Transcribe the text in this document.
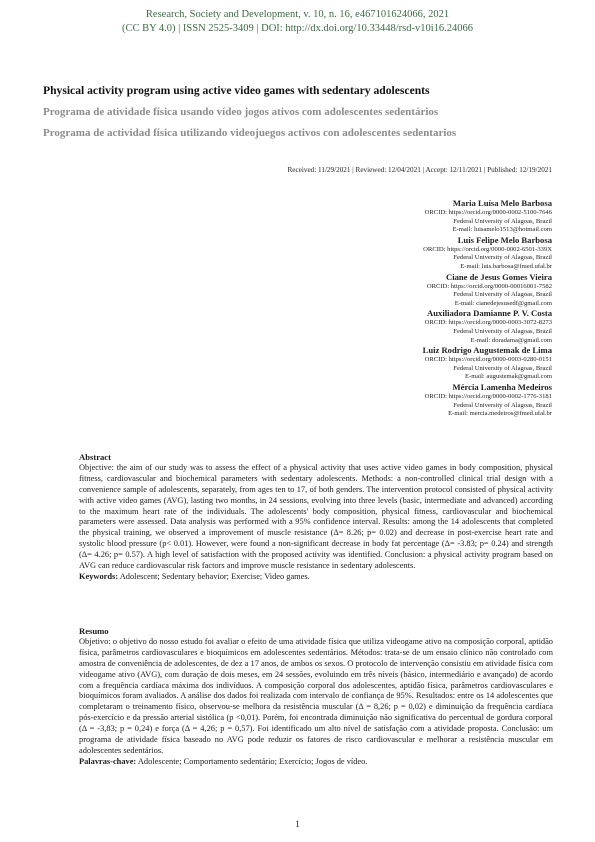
Research, Society and Development, v. 10, n. 16, e467101624066, 2021
(CC BY 4.0) | ISSN 2525-3409 | DOI: http://dx.doi.org/10.33448/rsd-v10i16.24066
Physical activity program using active video games with sedentary adolescents
Programa de atividade física usando vídeo jogos ativos com adolescentes sedentários
Programa de actividad física utilizando videojuegos activos con adolescentes sedentarios
Received: 11/29/2021 | Reviewed: 12/04/2021 | Accept: 12/11/2021 | Published: 12/19/2021
Maria Luísa Melo Barbosa
ORCID: https://orcid.org/0000-0002-5100-7646
Federal University of Alagoas, Brazil
E-mail: luisamelo1513@hotmail.com
Luís Felipe Melo Barbosa
ORCID: https://orcid.org/0000-0002-6501-339X
Federal University of Alagoas, Brazil
E-mail: luis.barbosa@fmed.ufal.br
Ciane de Jesus Gomes Vieira
ORCID: https://orcid.org/0000-00016001-7582
Federal University of Alagoas, Brazil
E-mail: cianedejesusedf@gmail.com
Auxiliadora Damianne P. V. Costa
ORCID: https://orcid.org/0000-0003-3072-8273
Federal University of Alagoas, Brazil
E-mail: doradama@gmail.com
Luiz Rodrigo Augustemak de Lima
ORCID: https://orcid.org/0000-0003-0280-0151
Federal University of Alagoas, Brazil
E-mail: augustemak@gmail.com
Mércia Lamenha Medeiros
ORCID: https://orcid.org/0000-0002-1776-3181
Federal University of Alagoas, Brazil
E-mail: mercia.medeiros@fmed.ufal.br
Abstract

Objective: the aim of our study was to assess the effect of a physical activity that uses active video games in body composition, physical fitness, cardiovascular and biochemical parameters with sedentary adolescents. Methods: a non-controlled clinical trial design with a convenience sample of adolescents, separately, from ages ten to 17, of both genders. The intervention protocol consisted of physical activity with active video games (AVG), lasting two months, in 24 sessions, evolving into three levels (basic, intermediate and advanced) according to the maximum heart rate of the individuals. The adolescents' body composition, physical fitness, cardiovascular and biochemical parameters were assessed. Data analysis was performed with a 95% confidence interval. Results: among the 14 adolescents that completed the physical training, we observed a improvement of muscle resistance (Δ= 8.26; p= 0.02) and decrease in post-exercise heart rate and systolic blood pressure (p< 0.01). However, were found a non-significant decrease in body fat percentage (Δ= -3.83; p= 0.24) and strength (Δ= 4.26; p= 0.57). A high level of satisfaction with the proposed activity was identified. Conclusion: a physical activity program based on AVG can reduce cardiovascular risk factors and improve muscle resistance in sedentary adolescents.

Keywords: Adolescent; Sedentary behavior; Exercise; Video games.

Resumo

Objetivo: o objetivo do nosso estudo foi avaliar o efeito de uma atividade física que utiliza videogame ativo na composição corporal, aptidão física, parâmetros cardiovasculares e bioquímicos em adolescentes sedentários. Métodos: trata-se de um ensaio clínico não controlado com amostra de conveniência de adolescentes, de dez a 17 anos, de ambos os sexos. O protocolo de intervenção consistiu em atividade física com videogame ativo (AVG), com duração de dois meses, em 24 sessões, evoluindo em três níveis (básico, intermediário e avançado) de acordo com a frequência cardíaca máxima dos indivíduos. A composição corporal dos adolescentes, aptidão física, parâmetros cardiovasculares e bioquímicos foram avaliados. A análise dos dados foi realizada com intervalo de confiança de 95%. Resultados: entre os 14 adolescentes que completaram o treinamento físico, observou-se melhora da resistência muscular (Δ = 8,26; p = 0,02) e diminuição da frequência cardíaca pós-exercício e da pressão arterial sistólica (p <0,01). Porém, foi encontrada diminuição não significativa do percentual de gordura corporal (Δ = -3,83; p = 0,24) e força (Δ = 4,26; p = 0,57). Foi identificado um alto nível de satisfação com a atividade proposta. Conclusão: um programa de atividade física baseado no AVG pode reduzir os fatores de risco cardiovascular e melhorar a resistência muscular em adolescentes sedentários.

Palavras-chave: Adolescente; Comportamento sedentário; Exercício; Jogos de vídeo.

1
